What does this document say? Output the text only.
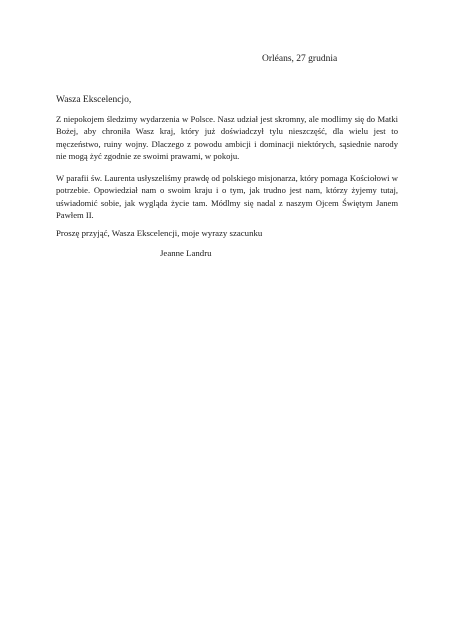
Orléans, 27 grudnia
Wasza Ekscelencjo,

Z niepokojem śledzimy wydarzenia w Polsce. Nasz udział jest skromny, ale modlimy się do Matki Bożej, aby chroniła Wasz kraj, który już doświadczył tylu nieszczęść, dla wielu jest to męczeństwo, ruiny wojny. Dlaczego z powodu ambicji i dominacji niektórych, sąsiednie narody nie mogą żyć zgodnie ze swoimi prawami, w pokoju.

W parafii św. Laurenta usłyszeliśmy prawdę od polskiego misjonarza, który pomaga Kościołowi w potrzebie. Opowiedział nam o swoim kraju i o tym, jak trudno jest nam, którzy żyjemy tutaj, uświadomić sobie, jak wygląda życie tam. Módlmy się nadal z naszym Ojcem Świętym Janem Pawłem II.

Proszę przyjąć, Wasza Ekscelencji, moje wyrazy szacunku
Jeanne Landru
